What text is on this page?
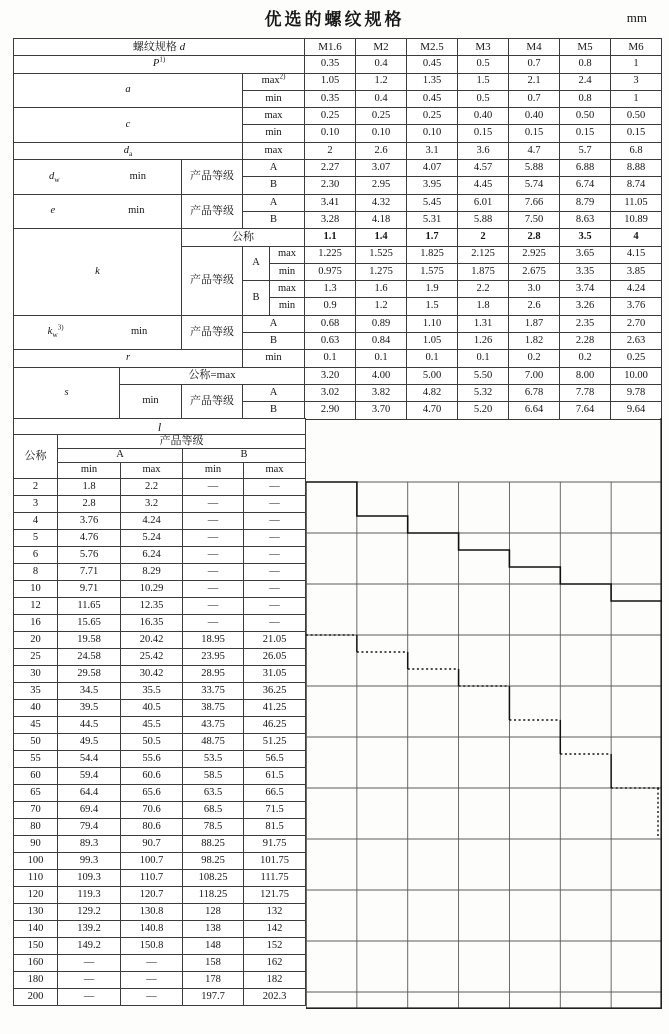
优选的螺纹规格	mm
螺纹规格 d					M1.6	M2	M2.5	M3	M4	M5	M6
$P^{1)}$					0.35	0.4	0.45	0.5	0.7	0.8	1
a			$\max^{2)}$		1.05	1.2	1.35	1.5	2.1	2.4	3
			min		0.35	0.4	0.45	0.5	0.7	0.8	1
c			max		0.25	0.25	0.25	0.40	0.40	0.50	0.50
			min		0.10	0.10	0.10	0.15	0.15	0.15	0.15
$d_a$			max		2	2.6	3.1	3.6	4.7	5.7	6.8

$d_w$ min		产品等级	A		2.27	3.07	4.07	4.57	5.88	6.88	8.88
			B		2.30	2.95	3.95	4.45	5.74	6.74	8.74

e min		产品等级	A		3.41	4.32	5.45	6.01	7.66	8.79	11.05
			B		3.28	4.18	5.31	5.88	7.50	8.63	10.89
k		公称			1.1	1.4	1.7	2	2.8	3.5	4
		产品等级	A	max	1.225	1.525	1.825	2.125	2.925	3.65	4.15
				min	0.975	1.275	1.575	1.875	2.675	3.35	3.85
			B	max	1.3	1.6	1.9	2.2	3.0	3.74	4.24
				min	0.9	1.2	1.5	1.8	2.6	3.26	3.76

$k_w^{3)}$ min		产品等级	A		0.68	0.89	1.10	1.31	1.87	2.35	2.70
			B		0.63	0.84	1.05	1.26	1.82	2.28	2.63
r			min		0.1	0.1	0.1	0.1	0.2	0.2	0.25
s	公称=max				3.20	4.00	5.00	5.50	7.00	8.00	10.00
	min	产品等级	A		3.02	3.82	4.82	5.32	6.78	7.78	9.78
			B		2.90	3.70	4.70	5.20	6.64	7.64	9.64
l				
公称	产品等级			
	A		B	
	min	max	min	max
2	1.8	2.2	—	—
3	2.8	3.2	—	—
4	3.76	4.24	—	—
5	4.76	5.24	—	—
6	5.76	6.24	—	—
8	7.71	8.29	—	—
10	9.71	10.29	—	—
12	11.65	12.35	—	—
16	15.65	16.35	—	—
20	19.58	20.42	18.95	21.05
25	24.58	25.42	23.95	26.05
30	29.58	30.42	28.95	31.05
35	34.5	35.5	33.75	36.25
40	39.5	40.5	38.75	41.25
45	44.5	45.5	43.75	46.25
50	49.5	50.5	48.75	51.25
55	54.4	55.6	53.5	56.5
60	59.4	60.6	58.5	61.5
65	64.4	65.6	63.5	66.5
70	69.4	70.6	68.5	71.5
80	79.4	80.6	78.5	81.5
90	89.3	90.7	88.25	91.75
100	99.3	100.7	98.25	101.75
110	109.3	110.7	108.25	111.75
120	119.3	120.7	118.25	121.75
130	129.2	130.8	128	132
140	139.2	140.8	138	142
150	149.2	150.8	148	152
160	—	—	158	162
180	—	—	178	182
200	—	—	197.7	202.3
